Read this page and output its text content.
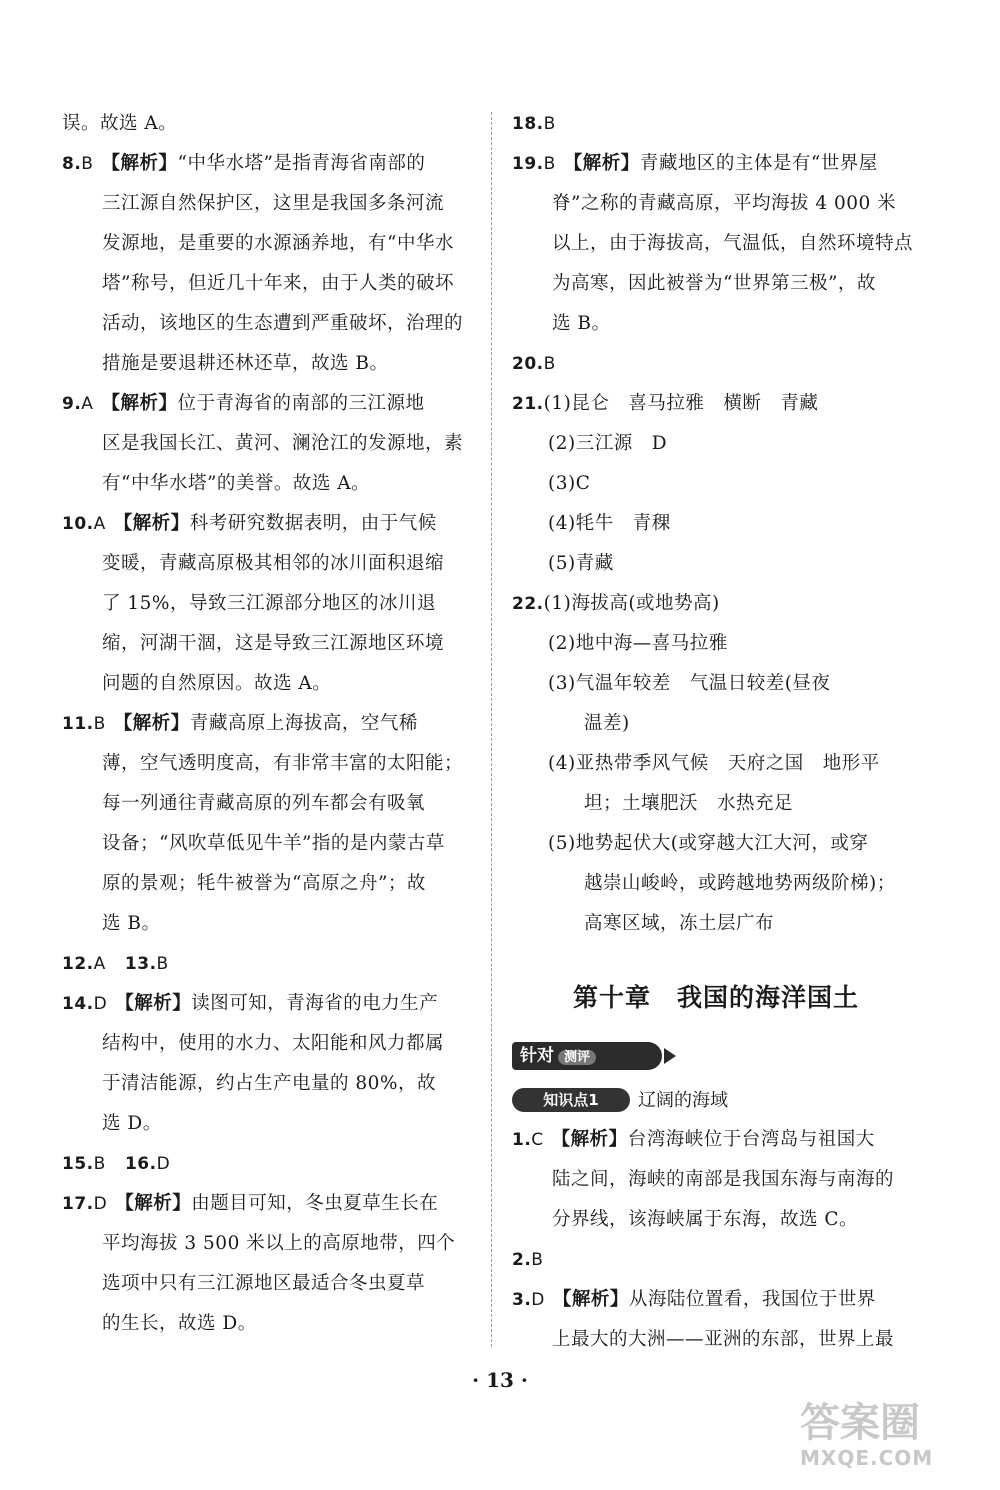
误。故选 A。
8.B 【解析】“中华水塔”是指青海省南部的
三江源自然保护区，这里是我国多条河流
发源地，是重要的水源涵养地，有“中华水
塔”称号，但近几十年来，由于人类的破坏
活动，该地区的生态遭到严重破坏，治理的
措施是要退耕还林还草，故选 B。
9.A 【解析】位于青海省的南部的三江源地
区是我国长江、黄河、澜沧江的发源地，素
有“中华水塔”的美誉。故选 A。
10.A 【解析】科考研究数据表明，由于气候
变暖，青藏高原极其相邻的冰川面积退缩
了 15%，导致三江源部分地区的冰川退
缩，河湖干涸，这是导致三江源地区环境
问题的自然原因。故选 A。
11.B 【解析】青藏高原上海拔高，空气稀
薄，空气透明度高，有非常丰富的太阳能；
每一列通往青藏高原的列车都会有吸氧
设备；“风吹草低见牛羊”指的是内蒙古草
原的景观；牦牛被誉为“高原之舟”；故
选 B。
12.A 13.B
14.D 【解析】读图可知，青海省的电力生产
结构中，使用的水力、太阳能和风力都属
于清洁能源，约占生产电量的 80%，故
选 D。
15.B 16.D
17.D 【解析】由题目可知，冬虫夏草生长在
平均海拔 3 500 米以上的高原地带，四个
选项中只有三江源地区最适合冬虫夏草
的生长，故选 D。
18.B
19.B 【解析】青藏地区的主体是有“世界屋
脊”之称的青藏高原，平均海拔 4 000 米
以上，由于海拔高，气温低，自然环境特点
为高寒，因此被誉为“世界第三极”，故
选 B。
20.B
21.(1)昆仑　喜马拉雅　横断　青藏
(2)三江源　D
(3)C
(4)牦牛　青稞
(5)青藏
22.(1)海拔高(或地势高)
(2)地中海—喜马拉雅
(3)气温年较差　气温日较差(昼夜
温差)
(4)亚热带季风气候　天府之国　地形平
坦；土壤肥沃　水热充足
(5)地势起伏大(或穿越大江大河，或穿
越崇山峻岭，或跨越地势两级阶梯)；
高寒区域，冻土层广布
第十章　我国的海洋国土
针对 测评
知识点1	辽阔的海域
1.C 【解析】台湾海峡位于台湾岛与祖国大
陆之间，海峡的南部是我国东海与南海的
分界线，该海峡属于东海，故选 C。
2.B
3.D 【解析】从海陆位置看，我国位于世界
上最大的大洲——亚洲的东部，世界上最
· 13 ·
答案圈
MXQE.COM
